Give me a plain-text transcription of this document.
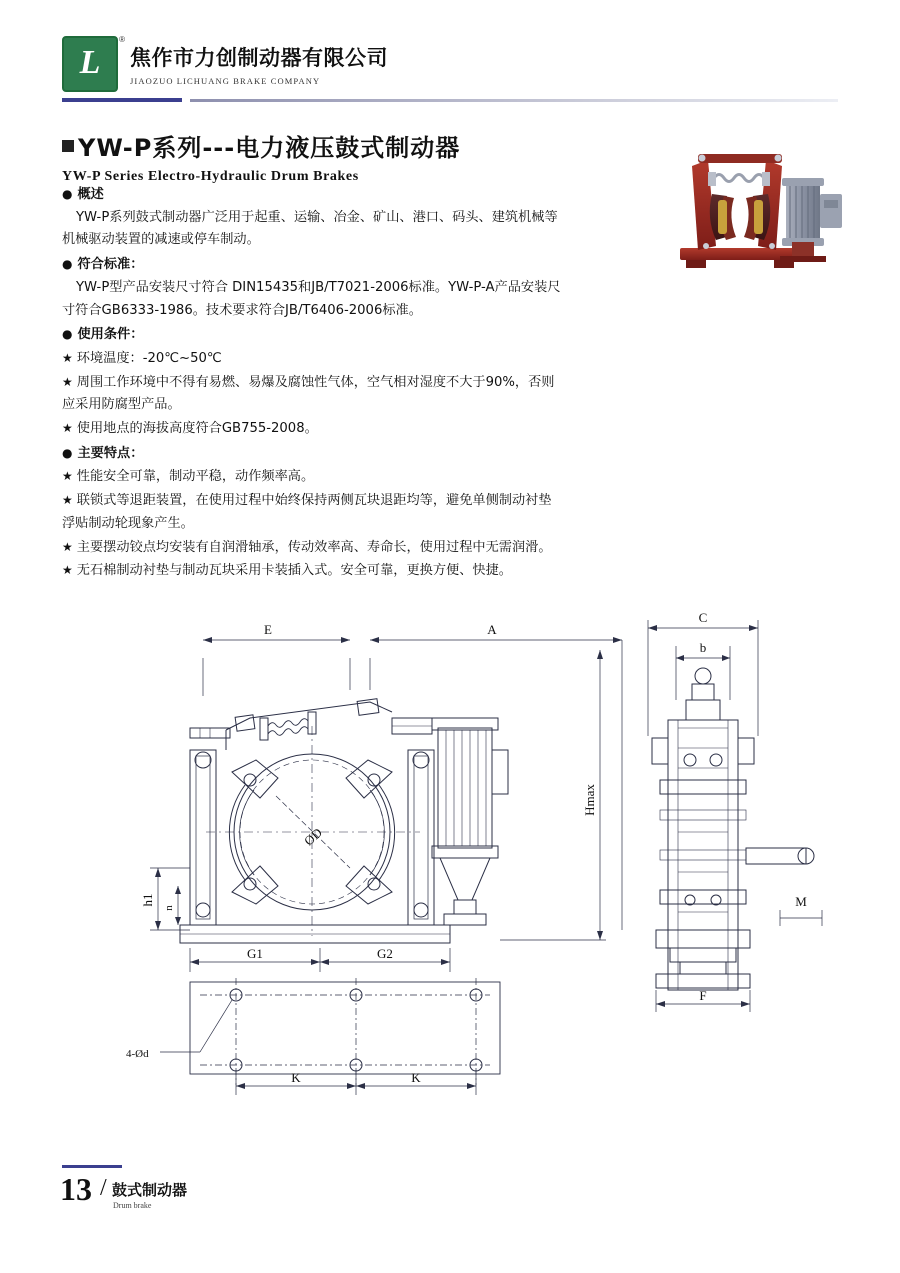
L
®
焦作市力创制动器有限公司
JIAOZUO LICHUANG BRAKE COMPANY
YW-P系列---电力液压鼓式制动器
YW-P Series Electro-Hydraulic Drum Brakes
● 概述
YW-P系列鼓式制动器广泛用于起重、运输、冶金、矿山、港口、码头、建筑机械等
机械驱动装置的减速或停车制动。
● 符合标准：
YW-P型产品安装尺寸符合 DIN15435和JB/T7021-2006标准。YW-P-A产品安装尺
寸符合GB6333-1986。技术要求符合JB/T6406-2006标准。
● 使用条件：
★ 环境温度：-20℃~50℃
★ 周围工作环境中不得有易燃、易爆及腐蚀性气体，空气相对湿度不大于90%，否则
应采用防腐型产品。
★ 使用地点的海拔高度符合GB755-2008。
● 主要特点：
★ 性能安全可靠，制动平稳，动作频率高。
★ 联锁式等退距装置，在使用过程中始终保持两侧瓦块退距均等，避免单侧制动衬垫
浮贴制动轮现象产生。
★ 主要摆动铰点均安装有自润滑轴承，传动效率高、寿命长，使用过程中无需润滑。
★ 无石棉制动衬垫与制动瓦块采用卡装插入式。安全可靠，更换方便、快捷。
E	A
C
b
Hmax
h1
n
G1	G2
K	K
F
M
ØD
4-Ød
13 / 鼓式制动器
Drum brake
